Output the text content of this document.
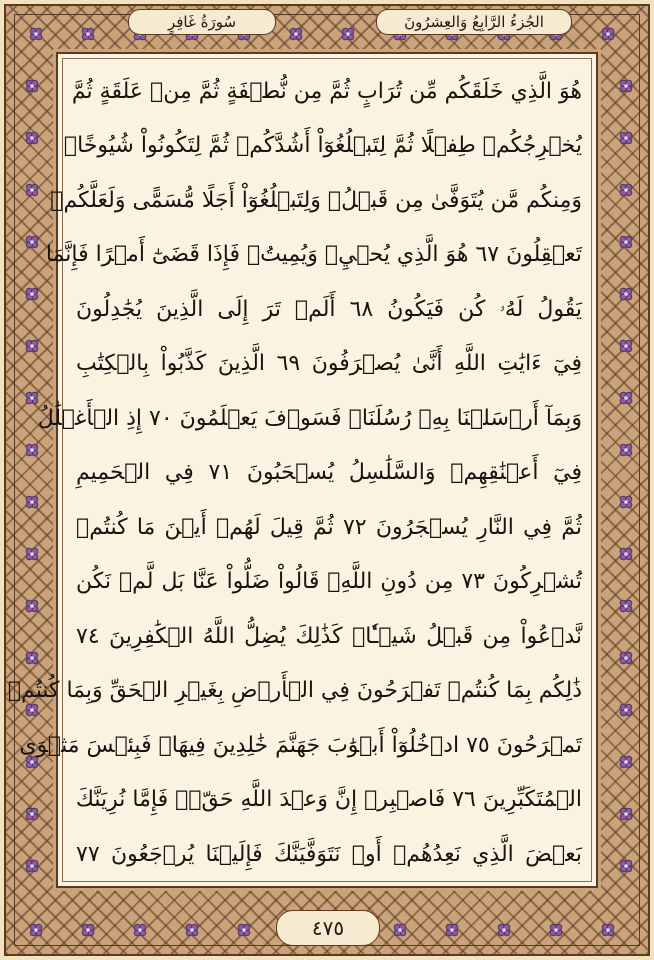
سُورَةُ غَافِرٍ	الجُزءُ الرَّابِعُ وَالعِشرُونَ
هُوَ الَّذِي خَلَقَكُم مِّن تُرَابٍ ثُمَّ مِن نُّطۡفَةٍ ثُمَّ مِنۡ عَلَقَةٍ ثُمَّ
يُخۡرِجُكُمۡ طِفۡلًا ثُمَّ لِتَبۡلُغُوٓاْ أَشُدَّكُمۡ ثُمَّ لِتَكُونُواْ شُيُوخًاۚ
وَمِنكُم مَّن يُتَوَفَّىٰ مِن قَبۡلُۖ وَلِتَبۡلُغُوٓاْ أَجَلًا مُّسَمًّى وَلَعَلَّكُمۡ
تَعۡقِلُونَ ٦٧ هُوَ الَّذِي يُحۡيِۦ وَيُمِيتُۖ فَإِذَا قَضَىٰٓ أَمۡرًا فَإِنَّمَا
يَقُولُ لَهُۥ كُن فَيَكُونُ ٦٨ أَلَمۡ تَرَ إِلَى الَّذِينَ يُجَٰدِلُونَ
فِيٓ ءَايَٰتِ اللَّهِ أَنَّىٰ يُصۡرَفُونَ ٦٩ الَّذِينَ كَذَّبُواْ بِالۡكِتَٰبِ
وَبِمَآ أَرۡسَلۡنَا بِهِۦ رُسُلَنَاۖ فَسَوۡفَ يَعۡلَمُونَ ٧٠ إِذِ الۡأَغۡلَٰلُ
فِيٓ أَعۡنَٰقِهِمۡ وَالسَّلَٰسِلُ يُسۡحَبُونَ ٧١ فِي الۡحَمِيمِ
ثُمَّ فِي النَّارِ يُسۡجَرُونَ ٧٢ ثُمَّ قِيلَ لَهُمۡ أَيۡنَ مَا كُنتُمۡ
تُشۡرِكُونَ ٧٣ مِن دُونِ اللَّهِۖ قَالُواْ ضَلُّواْ عَنَّا بَل لَّمۡ نَكُن
نَّدۡعُواْ مِن قَبۡلُ شَيۡـٔٗاۚ كَذَٰلِكَ يُضِلُّ اللَّهُ الۡكَٰفِرِينَ ٧٤
ذَٰلِكُم بِمَا كُنتُمۡ تَفۡرَحُونَ فِي الۡأَرۡضِ بِغَيۡرِ الۡحَقِّ وَبِمَا كُنتُمۡ
تَمۡرَحُونَ ٧٥ ادۡخُلُوٓاْ أَبۡوَٰبَ جَهَنَّمَ خَٰلِدِينَ فِيهَاۖ فَبِئۡسَ مَثۡوَى
الۡمُتَكَبِّرِينَ ٧٦ فَاصۡبِرۡ إِنَّ وَعۡدَ اللَّهِ حَقّٞۚ فَإِمَّا نُرِيَنَّكَ
بَعۡضَ الَّذِي نَعِدُهُمۡ أَوۡ نَتَوَفَّيَنَّكَ فَإِلَيۡنَا يُرۡجَعُونَ ٧٧
٤٧٥
